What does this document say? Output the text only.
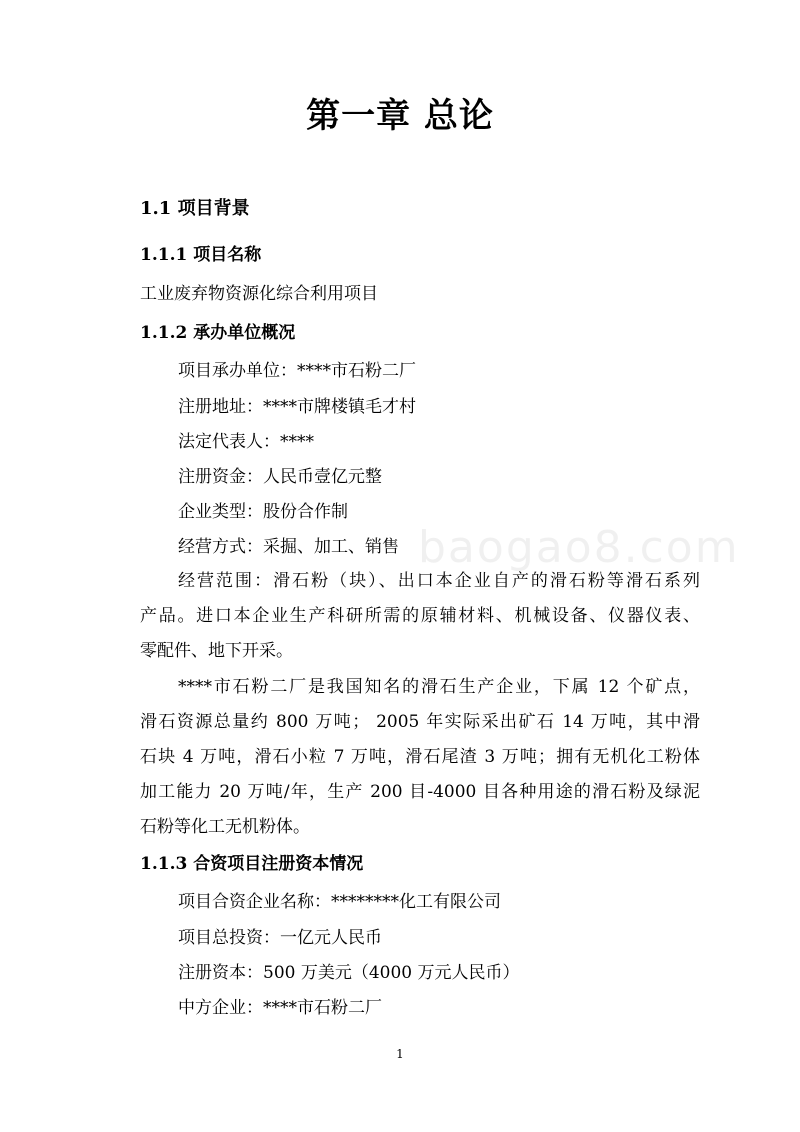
baogao8.com

第一章 总论
1.1 项目背景
1.1.1 项目名称

工业废弃物资源化综合利用项目

1.1.2 承办单位概况

项目承办单位：****市石粉二厂

注册地址：****市牌楼镇毛才村

法定代表人：****

注册资金：人民币壹亿元整

企业类型：股份合作制

经营方式：采掘、加工、销售

经营范围：滑石粉（块）、出口本企业自产的滑石粉等滑石系列

产品。进口本企业生产科研所需的原辅材料、机械设备、仪器仪表、

零配件、地下开采。

****市石粉二厂是我国知名的滑石生产企业，下属 12 个矿点，

滑石资源总量约 800 万吨； 2005 年实际采出矿石 14 万吨，其中滑

石块 4 万吨，滑石小粒 7 万吨，滑石尾渣 3 万吨；拥有无机化工粉体

加工能力 20 万吨/年，生产 200 目-4000 目各种用途的滑石粉及绿泥

石粉等化工无机粉体。

1.1.3 合资项目注册资本情况

项目合资企业名称：********化工有限公司

项目总投资：一亿元人民币

注册资本：500 万美元（4000 万元人民币）

中方企业：****市石粉二厂

1
